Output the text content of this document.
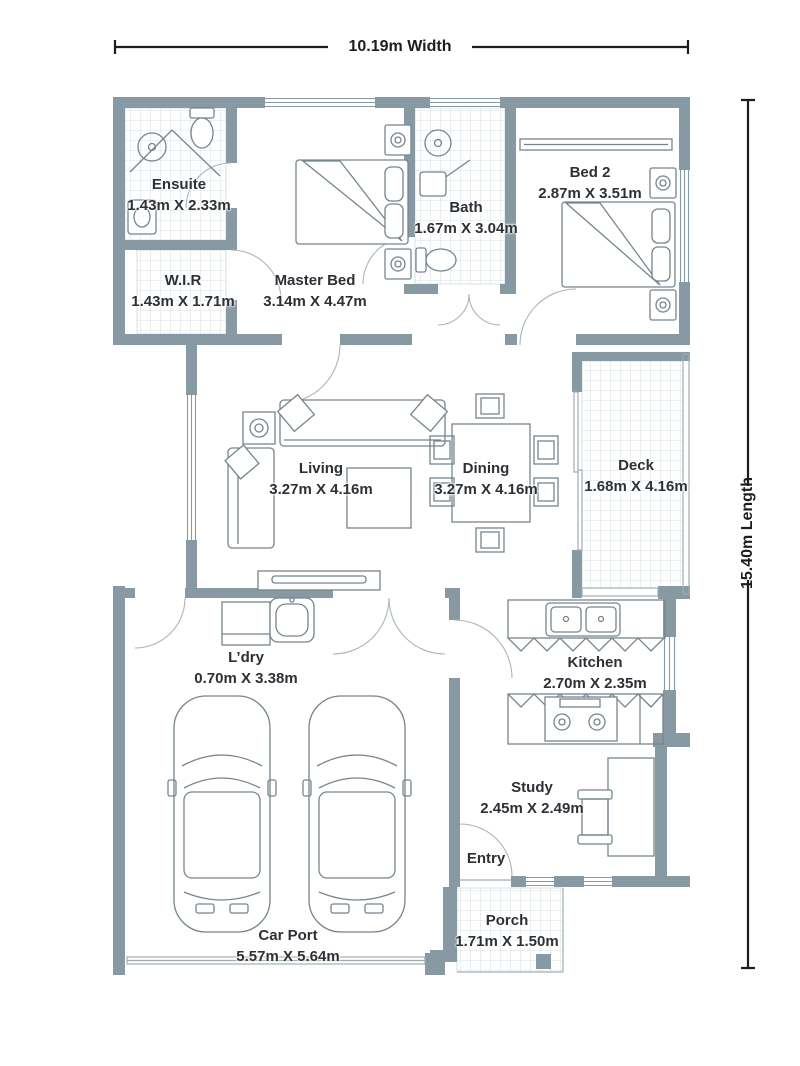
10.19m Width
15.40m Length
Ensuite
1.43m X 2.33m
W.I.R
1.43m X 1.71m
Master Bed
3.14m X 4.47m
Bath
1.67m X 3.04m
Bed 2
2.87m X 3.51m
Living
3.27m X 4.16m
Dining
3.27m X 4.16m
Deck
1.68m X 4.16m
L’dry
0.70m X 3.38m
Kitchen
2.70m X 2.35m
Study
2.45m X 2.49m
Entry
Porch
1.71m X 1.50m
Car Port
5.57m X 5.64m
